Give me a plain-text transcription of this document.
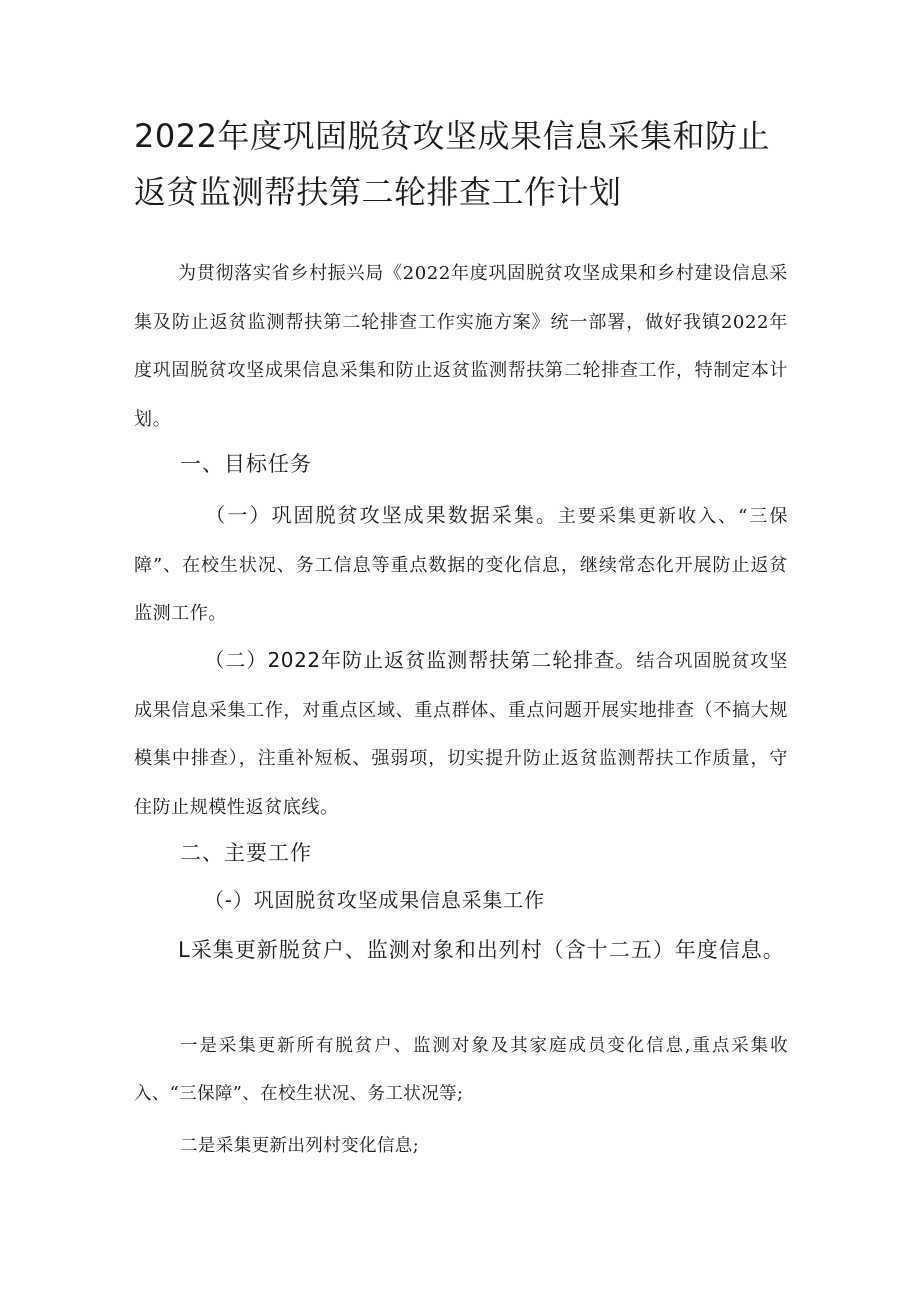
2022年度巩固脱贫攻坚成果信息采集和防止
返贫监测帮扶第二轮排查工作计划

为贯彻落实省乡村振兴局《2022年度巩固脱贫攻坚成果和乡村建设信息采集及防止返贫监测帮扶第二轮排查工作实施方案》统一部署，做好我镇2022年度巩固脱贫攻坚成果信息采集和防止返贫监测帮扶第二轮排查工作，特制定本计划。

一、目标任务

（一）巩固脱贫攻坚成果数据采集。主要采集更新收入、“三保障”、在校生状况、务工信息等重点数据的变化信息，继续常态化开展防止返贫监测工作。

（二）2022年防止返贫监测帮扶第二轮排查。结合巩固脱贫攻坚成果信息采集工作，对重点区域、重点群体、重点问题开展实地排查（不搞大规模集中排查），注重补短板、强弱项，切实提升防止返贫监测帮扶工作质量，守住防止规模性返贫底线。

二、主要工作

（-）巩固脱贫攻坚成果信息采集工作

L采集更新脱贫户、监测对象和出列村（含十二五）年度信息。

一是采集更新所有脱贫户、监测对象及其家庭成员变化信息,重点采集收入、“三保障”、在校生状况、务工状况等;

二是采集更新出列村变化信息;
